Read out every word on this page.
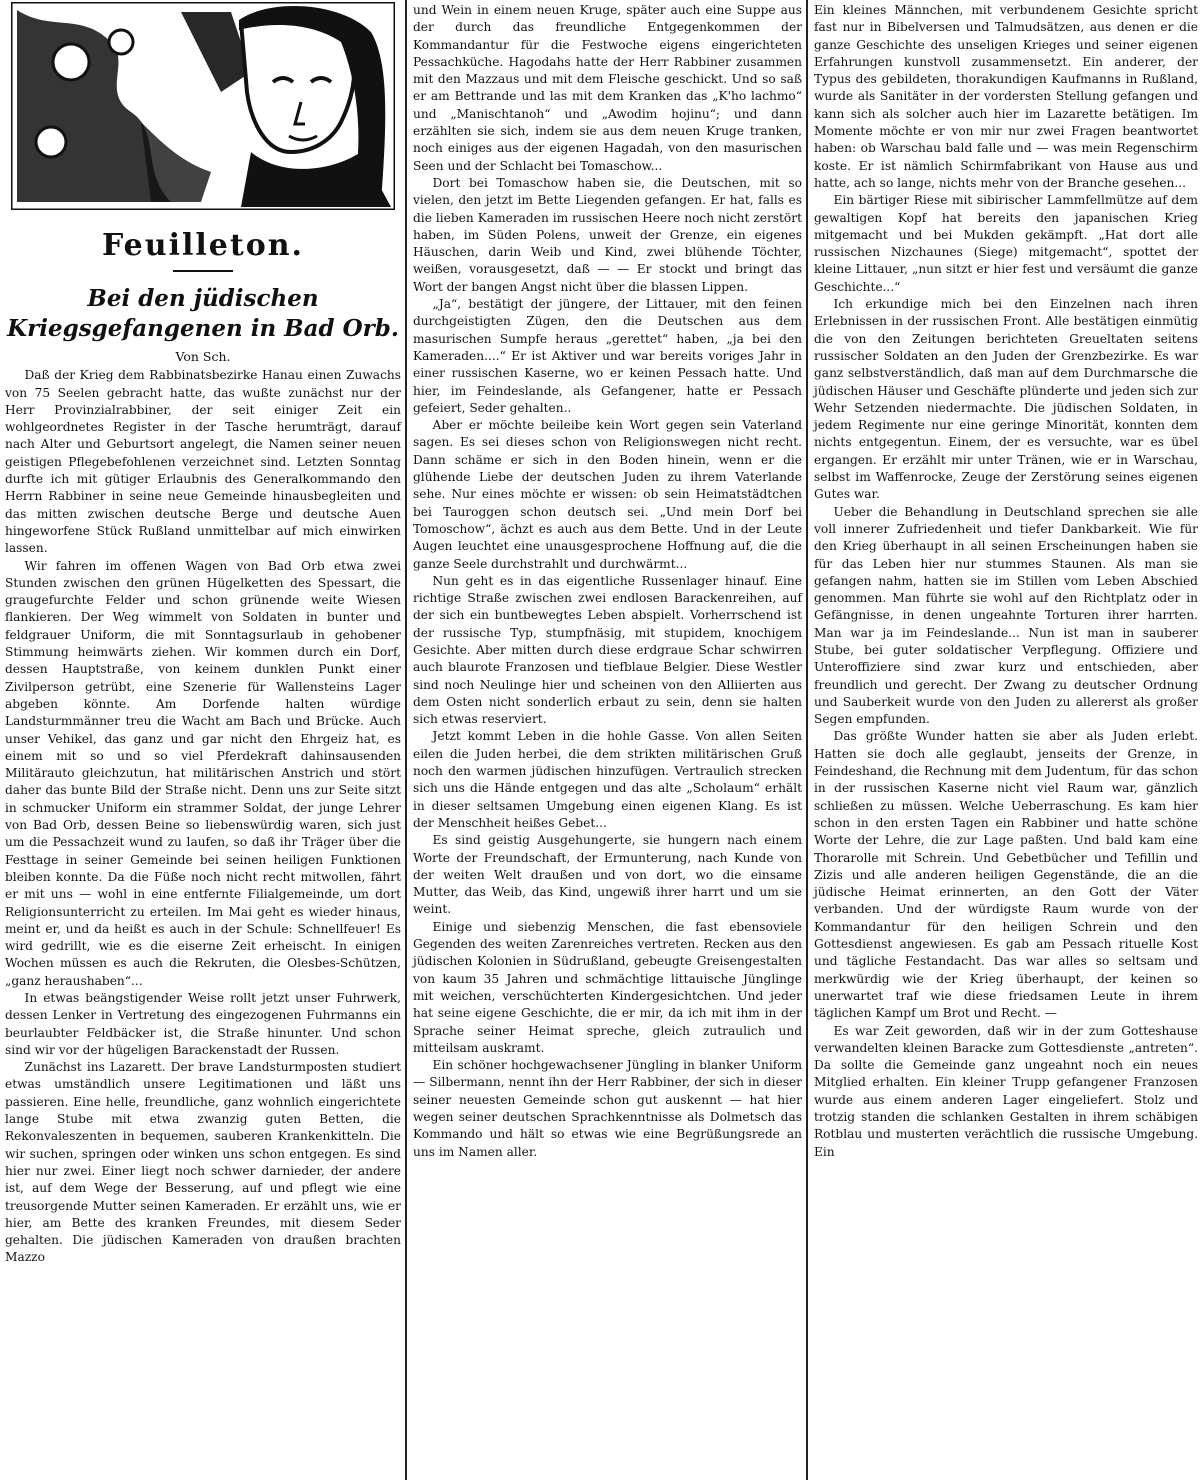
Feuilleton.
Bei den jüdischen Kriegsgefangenen in Bad Orb.
Von Sch.

Daß der Krieg dem Rabbinatsbezirke Hanau einen Zuwachs von 75 Seelen gebracht hatte, das wußte zunächst nur der Herr Provinzialrabbiner, der seit einiger Zeit ein wohlgeordnetes Register in der Tasche herumträgt, darauf nach Alter und Geburtsort angelegt, die Namen seiner neuen geistigen Pflegebefohlenen verzeichnet sind. Letzten Sonntag durfte ich mit gütiger Erlaubnis des Generalkommando den Herrn Rabbiner in seine neue Gemeinde hinausbegleiten und das mitten zwischen deutsche Berge und deutsche Auen hingeworfene Stück Rußland unmittelbar auf mich einwirken lassen.

Wir fahren im offenen Wagen von Bad Orb etwa zwei Stunden zwischen den grünen Hügelketten des Spessart, die graugefurchte Felder und schon grünende weite Wiesen flankieren. Der Weg wimmelt von Soldaten in bunter und feldgrauer Uniform, die mit Sonntagsurlaub in gehobener Stimmung heimwärts ziehen. Wir kommen durch ein Dorf, dessen Hauptstraße, von keinem dunklen Punkt einer Zivilperson getrübt, eine Szenerie für Wallensteins Lager abgeben könnte. Am Dorfende halten würdige Landsturmmänner treu die Wacht am Bach und Brücke. Auch unser Vehikel, das ganz und gar nicht den Ehrgeiz hat, es einem mit so und so viel Pferdekraft dahinsausenden Militärauto gleichzutun, hat militärischen Anstrich und stört daher das bunte Bild der Straße nicht. Denn uns zur Seite sitzt in schmucker Uniform ein strammer Soldat, der junge Lehrer von Bad Orb, dessen Beine so liebenswürdig waren, sich just um die Pessachzeit wund zu laufen, so daß ihr Träger über die Festtage in seiner Gemeinde bei seinen heiligen Funktionen bleiben konnte. Da die Füße noch nicht recht mitwollen, fährt er mit uns — wohl in eine entfernte Filialgemeinde, um dort Religionsunterricht zu erteilen. Im Mai geht es wieder hinaus, meint er, und da heißt es auch in der Schule: Schnellfeuer! Es wird gedrillt, wie es die eiserne Zeit erheischt. In einigen Wochen müssen es auch die Rekruten, die Olesbes-Schützen, „ganz heraushaben“...

In etwas beängstigender Weise rollt jetzt unser Fuhrwerk, dessen Lenker in Vertretung des eingezogenen Fuhrmanns ein beurlaubter Feldbäcker ist, die Straße hinunter. Und schon sind wir vor der hügeligen Barackenstadt der Russen.

Zunächst ins Lazarett. Der brave Landsturmposten studiert etwas umständlich unsere Legitimationen und läßt uns passieren. Eine helle, freundliche, ganz wohnlich eingerichtete lange Stube mit etwa zwanzig guten Betten, die Rekonvaleszenten in bequemen, sauberen Krankenkitteln. Die wir suchen, springen oder winken uns schon entgegen. Es sind hier nur zwei. Einer liegt noch schwer darnieder, der andere ist, auf dem Wege der Besserung, auf und pflegt wie eine treusorgende Mutter seinen Kameraden. Er erzählt uns, wie er hier, am Bette des kranken Freundes, mit diesem Seder gehalten. Die jüdischen Kameraden von draußen brachten Mazzo

und Wein in einem neuen Kruge, später auch eine Suppe aus der durch das freundliche Entgegenkommen der Kommandantur für die Festwoche eigens eingerichteten Pessachküche. Hagodahs hatte der Herr Rabbiner zusammen mit den Mazzaus und mit dem Fleische geschickt. Und so saß er am Bettrande und las mit dem Kranken das „K'ho lachmo“ und „Manischtanoh“ und „Awodim hojinu“; und dann erzählten sie sich, indem sie aus dem neuen Kruge tranken, noch einiges aus der eigenen Hagadah, von den masurischen Seen und der Schlacht bei Tomaschow...

Dort bei Tomaschow haben sie, die Deutschen, mit so vielen, den jetzt im Bette Liegenden gefangen. Er hat, falls es die lieben Kameraden im russischen Heere noch nicht zerstört haben, im Süden Polens, unweit der Grenze, ein eigenes Häuschen, darin Weib und Kind, zwei blühende Töchter, weißen, vorausgesetzt, daß — — Er stockt und bringt das Wort der bangen Angst nicht über die blassen Lippen.

„Ja“, bestätigt der jüngere, der Littauer, mit den feinen durchgeistigten Zügen, den die Deutschen aus dem masurischen Sumpfe heraus „gerettet“ haben, „ja bei den Kameraden....“ Er ist Aktiver und war bereits voriges Jahr in einer russischen Kaserne, wo er keinen Pessach hatte. Und hier, im Feindeslande, als Gefangener, hatte er Pessach gefeiert, Seder gehalten..

Aber er möchte beileibe kein Wort gegen sein Vaterland sagen. Es sei dieses schon von Religionswegen nicht recht. Dann schäme er sich in den Boden hinein, wenn er die glühende Liebe der deutschen Juden zu ihrem Vaterlande sehe. Nur eines möchte er wissen: ob sein Heimatstädtchen bei Tauroggen schon deutsch sei. „Und mein Dorf bei Tomoschow“, ächzt es auch aus dem Bette. Und in der Leute Augen leuchtet eine unausgesprochene Hoffnung auf, die die ganze Seele durchstrahlt und durchwärmt...

Nun geht es in das eigentliche Russenlager hinauf. Eine richtige Straße zwischen zwei endlosen Barackenreihen, auf der sich ein buntbewegtes Leben abspielt. Vorherrschend ist der russische Typ, stumpfnäsig, mit stupidem, knochigem Gesichte. Aber mitten durch diese erdgraue Schar schwirren auch blaurote Franzosen und tiefblaue Belgier. Diese Westler sind noch Neulinge hier und scheinen von den Alliierten aus dem Osten nicht sonderlich erbaut zu sein, denn sie halten sich etwas reserviert.

Jetzt kommt Leben in die hohle Gasse. Von allen Seiten eilen die Juden herbei, die dem strikten militärischen Gruß noch den warmen jüdischen hinzufügen. Vertraulich strecken sich uns die Hände entgegen und das alte „Scholaum“ erhält in dieser seltsamen Umgebung einen eigenen Klang. Es ist der Menschheit heißes Gebet...

Es sind geistig Ausgehungerte, sie hungern nach einem Worte der Freundschaft, der Ermunterung, nach Kunde von der weiten Welt draußen und von dort, wo die einsame Mutter, das Weib, das Kind, ungewiß ihrer harrt und um sie weint.

Einige und siebenzig Menschen, die fast ebensoviele Gegenden des weiten Zarenreiches vertreten. Recken aus den jüdischen Kolonien in Südrußland, gebeugte Greisengestalten von kaum 35 Jahren und schmächtige littauische Jünglinge mit weichen, verschüchterten Kindergesichtchen. Und jeder hat seine eigene Geschichte, die er mir, da ich mit ihm in der Sprache seiner Heimat spreche, gleich zutraulich und mitteilsam auskramt.

Ein schöner hochgewachsener Jüngling in blanker Uniform — Silbermann, nennt ihn der Herr Rabbiner, der sich in dieser seiner neuesten Gemeinde schon gut auskennt — hat hier wegen seiner deutschen Sprachkenntnisse als Dolmetsch das Kommando und hält so etwas wie eine Begrüßungsrede an uns im Namen aller.

Ein kleines Männchen, mit verbundenem Gesichte spricht fast nur in Bibelversen und Talmudsätzen, aus denen er die ganze Geschichte des unseligen Krieges und seiner eigenen Erfahrungen kunstvoll zusammensetzt. Ein anderer, der Typus des gebildeten, thorakundigen Kaufmanns in Rußland, wurde als Sanitäter in der vordersten Stellung gefangen und kann sich als solcher auch hier im Lazarette betätigen. Im Momente möchte er von mir nur zwei Fragen beantwortet haben: ob Warschau bald falle und — was mein Regenschirm koste. Er ist nämlich Schirmfabrikant von Hause aus und hatte, ach so lange, nichts mehr von der Branche gesehen...

Ein bärtiger Riese mit sibirischer Lammfellmütze auf dem gewaltigen Kopf hat bereits den japanischen Krieg mitgemacht und bei Mukden gekämpft. „Hat dort alle russischen Nizchaunes (Siege) mitgemacht“, spottet der kleine Littauer, „nun sitzt er hier fest und versäumt die ganze Geschichte...“

Ich erkundige mich bei den Einzelnen nach ihren Erlebnissen in der russischen Front. Alle bestätigen einmütig die von den Zeitungen berichteten Greueltaten seitens russischer Soldaten an den Juden der Grenzbezirke. Es war ganz selbstverständlich, daß man auf dem Durchmarsche die jüdischen Häuser und Geschäfte plünderte und jeden sich zur Wehr Setzenden niedermachte. Die jüdischen Soldaten, in jedem Regimente nur eine geringe Minorität, konnten dem nichts entgegentun. Einem, der es versuchte, war es übel ergangen. Er erzählt mir unter Tränen, wie er in Warschau, selbst im Waffenrocke, Zeuge der Zerstörung seines eigenen Gutes war.

Ueber die Behandlung in Deutschland sprechen sie alle voll innerer Zufriedenheit und tiefer Dankbarkeit. Wie für den Krieg überhaupt in all seinen Erscheinungen haben sie für das Leben hier nur stummes Staunen. Als man sie gefangen nahm, hatten sie im Stillen vom Leben Abschied genommen. Man führte sie wohl auf den Richtplatz oder in Gefängnisse, in denen ungeahnte Torturen ihrer harrten. Man war ja im Feindeslande... Nun ist man in sauberer Stube, bei guter soldatischer Verpflegung. Offiziere und Unteroffiziere sind zwar kurz und entschieden, aber freundlich und gerecht. Der Zwang zu deutscher Ordnung und Sauberkeit wurde von den Juden zu allererst als großer Segen empfunden.

Das größte Wunder hatten sie aber als Juden erlebt. Hatten sie doch alle geglaubt, jenseits der Grenze, in Feindeshand, die Rechnung mit dem Judentum, für das schon in der russischen Kaserne nicht viel Raum war, gänzlich schließen zu müssen. Welche Ueberraschung. Es kam hier schon in den ersten Tagen ein Rabbiner und hatte schöne Worte der Lehre, die zur Lage paßten. Und bald kam eine Thorarolle mit Schrein. Und Gebetbücher und Tefillin und Zizis und alle anderen heiligen Gegenstände, die an die jüdische Heimat erinnerten, an den Gott der Väter verbanden. Und der würdigste Raum wurde von der Kommandantur für den heiligen Schrein und den Gottesdienst angewiesen. Es gab am Pessach rituelle Kost und tägliche Festandacht. Das war alles so seltsam und merkwürdig wie der Krieg überhaupt, der keinen so unerwartet traf wie diese friedsamen Leute in ihrem täglichen Kampf um Brot und Recht. —

Es war Zeit geworden, daß wir in der zum Gotteshause verwandelten kleinen Baracke zum Gottesdienste „antreten“. Da sollte die Gemeinde ganz ungeahnt noch ein neues Mitglied erhalten. Ein kleiner Trupp gefangener Franzosen wurde aus einem anderen Lager eingeliefert. Stolz und trotzig standen die schlanken Gestalten in ihrem schäbigen Rotblau und musterten verächtlich die russische Umgebung. Ein
